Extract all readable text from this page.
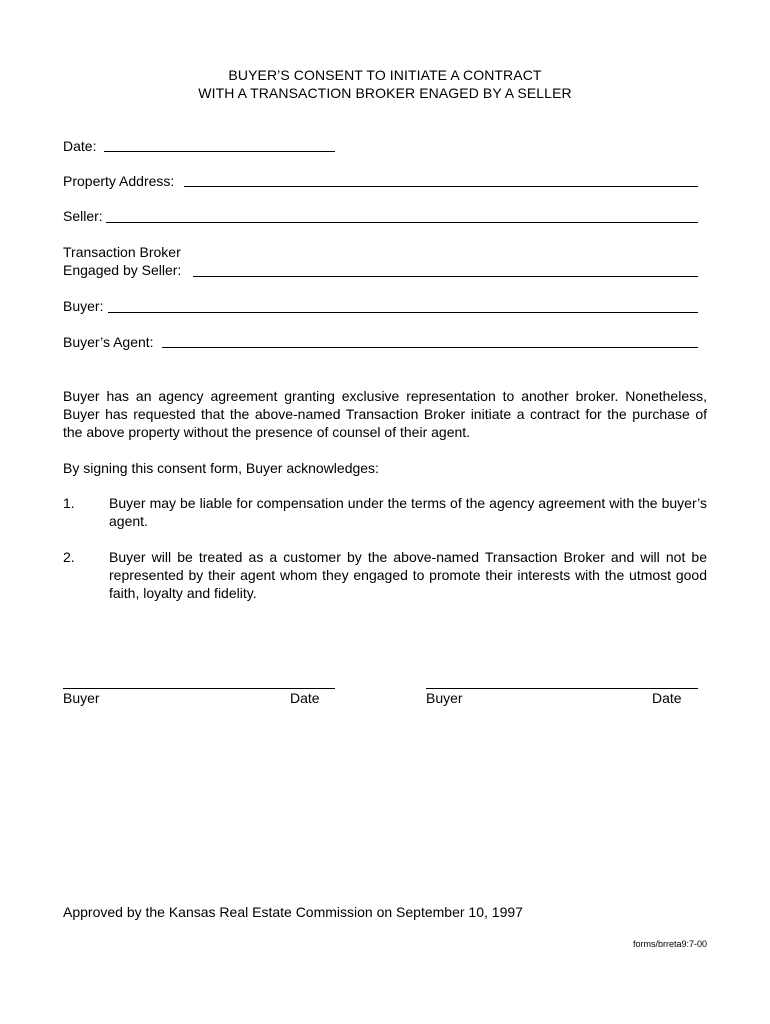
BUYER’S CONSENT TO INITIATE A CONTRACT
WITH A TRANSACTION BROKER ENAGED BY A SELLER
Date:
Property Address:
Seller:
Transaction Broker
Engaged by Seller:
Buyer:
Buyer’s Agent:
Buyer has an agency agreement granting exclusive representation to another broker. Nonetheless, Buyer has requested that the above-named Transaction Broker initiate a contract for the purchase of the above property without the presence of counsel of their agent.
By signing this consent form, Buyer acknowledges:
1. Buyer may be liable for compensation under the terms of the agency agreement with the buyer’s agent.
2. Buyer will be treated as a customer by the above-named Transaction Broker and will not be represented by their agent whom they engaged to promote their interests with the utmost good faith, loyalty and fidelity.
Buyer	Date	Buyer	Date
Approved by the Kansas Real Estate Commission on September 10, 1997
forms/brreta9:7-00
